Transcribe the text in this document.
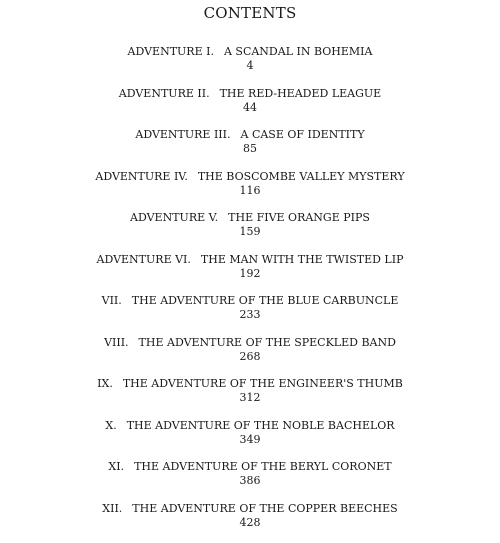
CONTENTS
ADVENTURE I. A SCANDAL IN BOHEMIA
4
ADVENTURE II. THE RED-HEADED LEAGUE
44
ADVENTURE III. A CASE OF IDENTITY
85
ADVENTURE IV. THE BOSCOMBE VALLEY MYSTERY
116
ADVENTURE V. THE FIVE ORANGE PIPS
159
ADVENTURE VI. THE MAN WITH THE TWISTED LIP
192
VII. THE ADVENTURE OF THE BLUE CARBUNCLE
233
VIII. THE ADVENTURE OF THE SPECKLED BAND
268
IX. THE ADVENTURE OF THE ENGINEER'S THUMB
312
X. THE ADVENTURE OF THE NOBLE BACHELOR
349
XI. THE ADVENTURE OF THE BERYL CORONET
386
XII. THE ADVENTURE OF THE COPPER BEECHES
428
